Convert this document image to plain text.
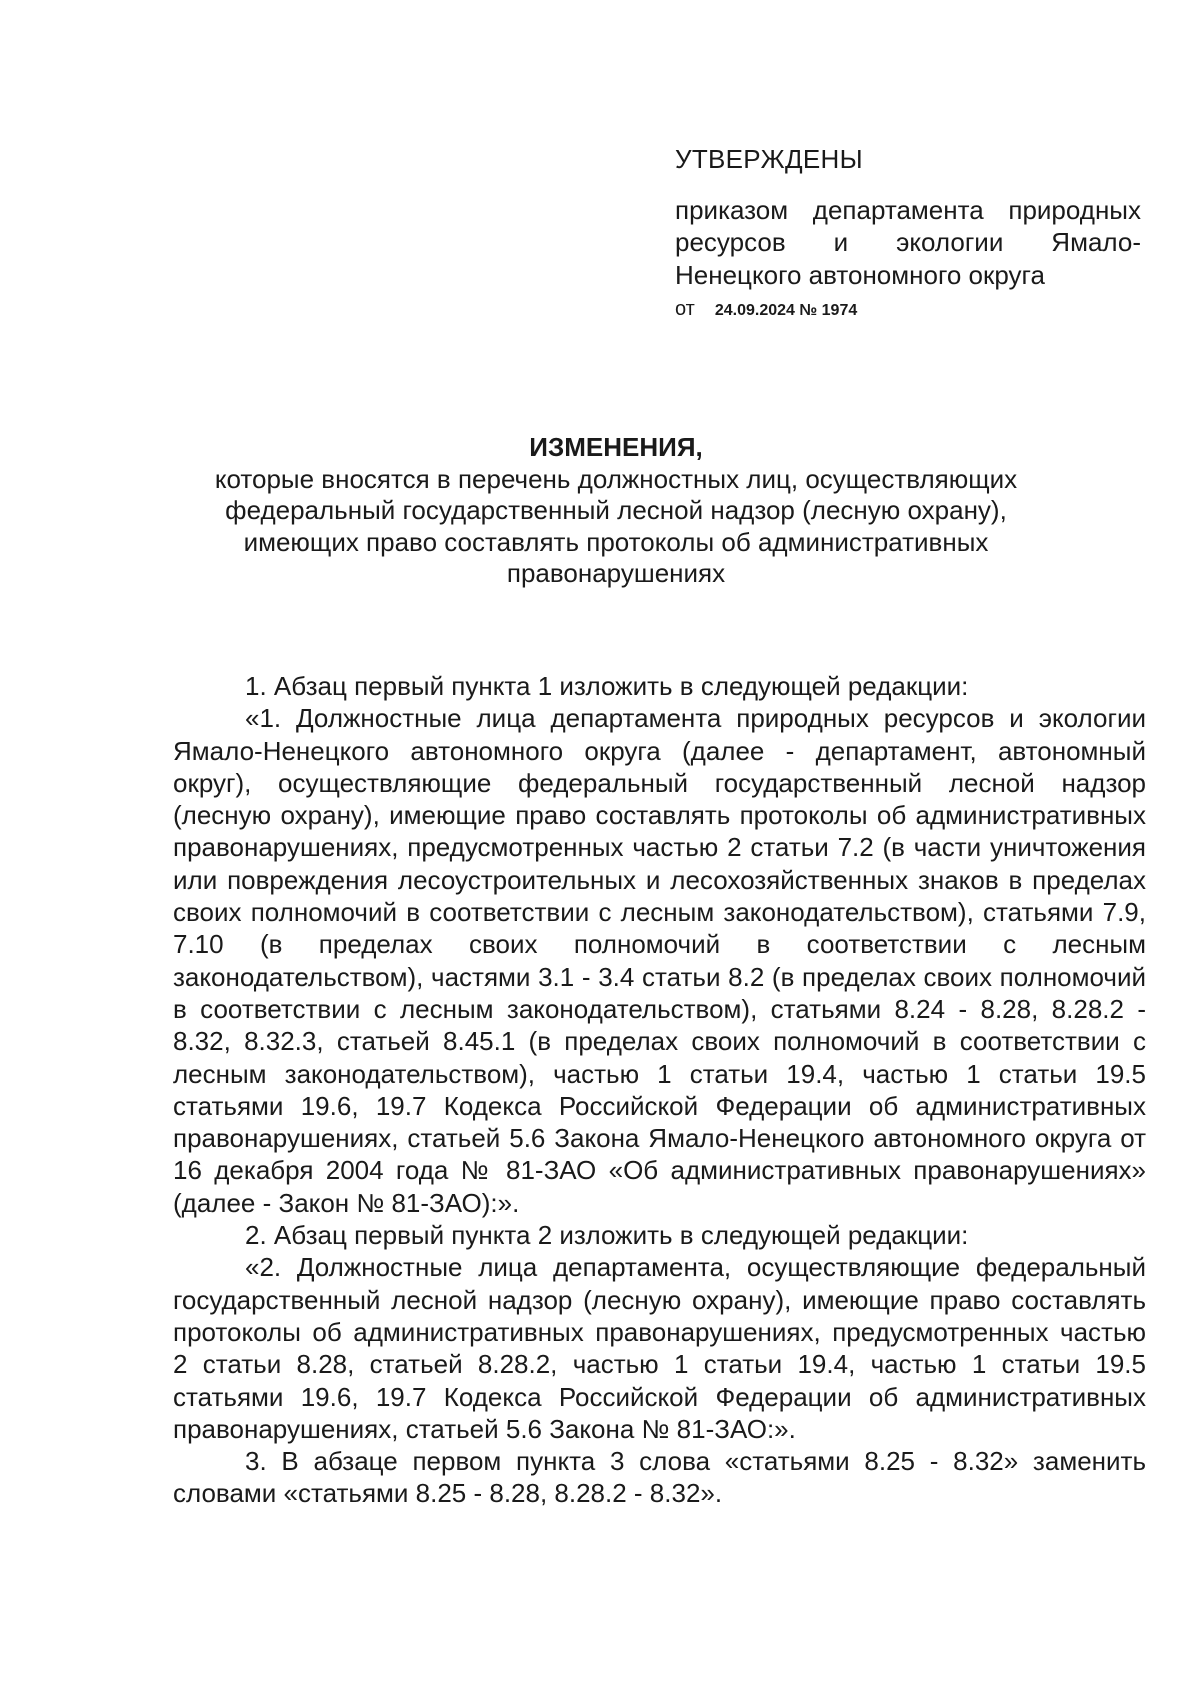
УТВЕРЖДЕНЫ

приказом департамента природных ресурсов и экологии Ямало-Ненецкого автономного округа

от 24.09.2024 № 1974

ИЗМЕНЕНИЯ,

которые вносятся в перечень должностных лиц, осуществляющих федеральный государственный лесной надзор (лесную охрану), имеющих право составлять протоколы об административных правонарушениях

1. Абзац первый пункта 1 изложить в следующей редакции:

«1. Должностные лица департамента природных ресурсов и экологии Ямало-Ненецкого автономного округа (далее - департамент, автономный округ), осуществляющие федеральный государственный лесной надзор (лесную охрану), имеющие право составлять протоколы об административных правонарушениях, предусмотренных частью 2 статьи 7.2 (в части уничтожения или повреждения лесоустроительных и лесохозяйственных знаков в пределах своих полномочий в соответствии с лесным законодательством), статьями 7.9, 7.10 (в пределах своих полномочий в соответствии с лесным законодательством), частями 3.1 - 3.4 статьи 8.2 (в пределах своих полномочий в соответствии с лесным законодательством), статьями 8.24 - 8.28, 8.28.2 - 8.32, 8.32.3, статьей 8.45.1 (в пределах своих полномочий в соответствии с лесным законодательством), частью 1 статьи 19.4, частью 1 статьи 19.5 статьями 19.6, 19.7 Кодекса Российской Федерации об административных правонарушениях, статьей 5.6 Закона Ямало-Ненецкого автономного округа от 16 декабря 2004 года № 81-ЗАО «Об административных правонарушениях» (далее - Закон № 81-ЗАО):».

2. Абзац первый пункта 2 изложить в следующей редакции:

«2. Должностные лица департамента, осуществляющие федеральный государственный лесной надзор (лесную охрану), имеющие право составлять протоколы об административных правонарушениях, предусмотренных частью 2 статьи 8.28, статьей 8.28.2, частью 1 статьи 19.4, частью 1 статьи 19.5 статьями 19.6, 19.7 Кодекса Российской Федерации об административных правонарушениях, статьей 5.6 Закона № 81-ЗАО:».

3. В абзаце первом пункта 3 слова «статьями 8.25 - 8.32» заменить словами «статьями 8.25 - 8.28, 8.28.2 - 8.32».
